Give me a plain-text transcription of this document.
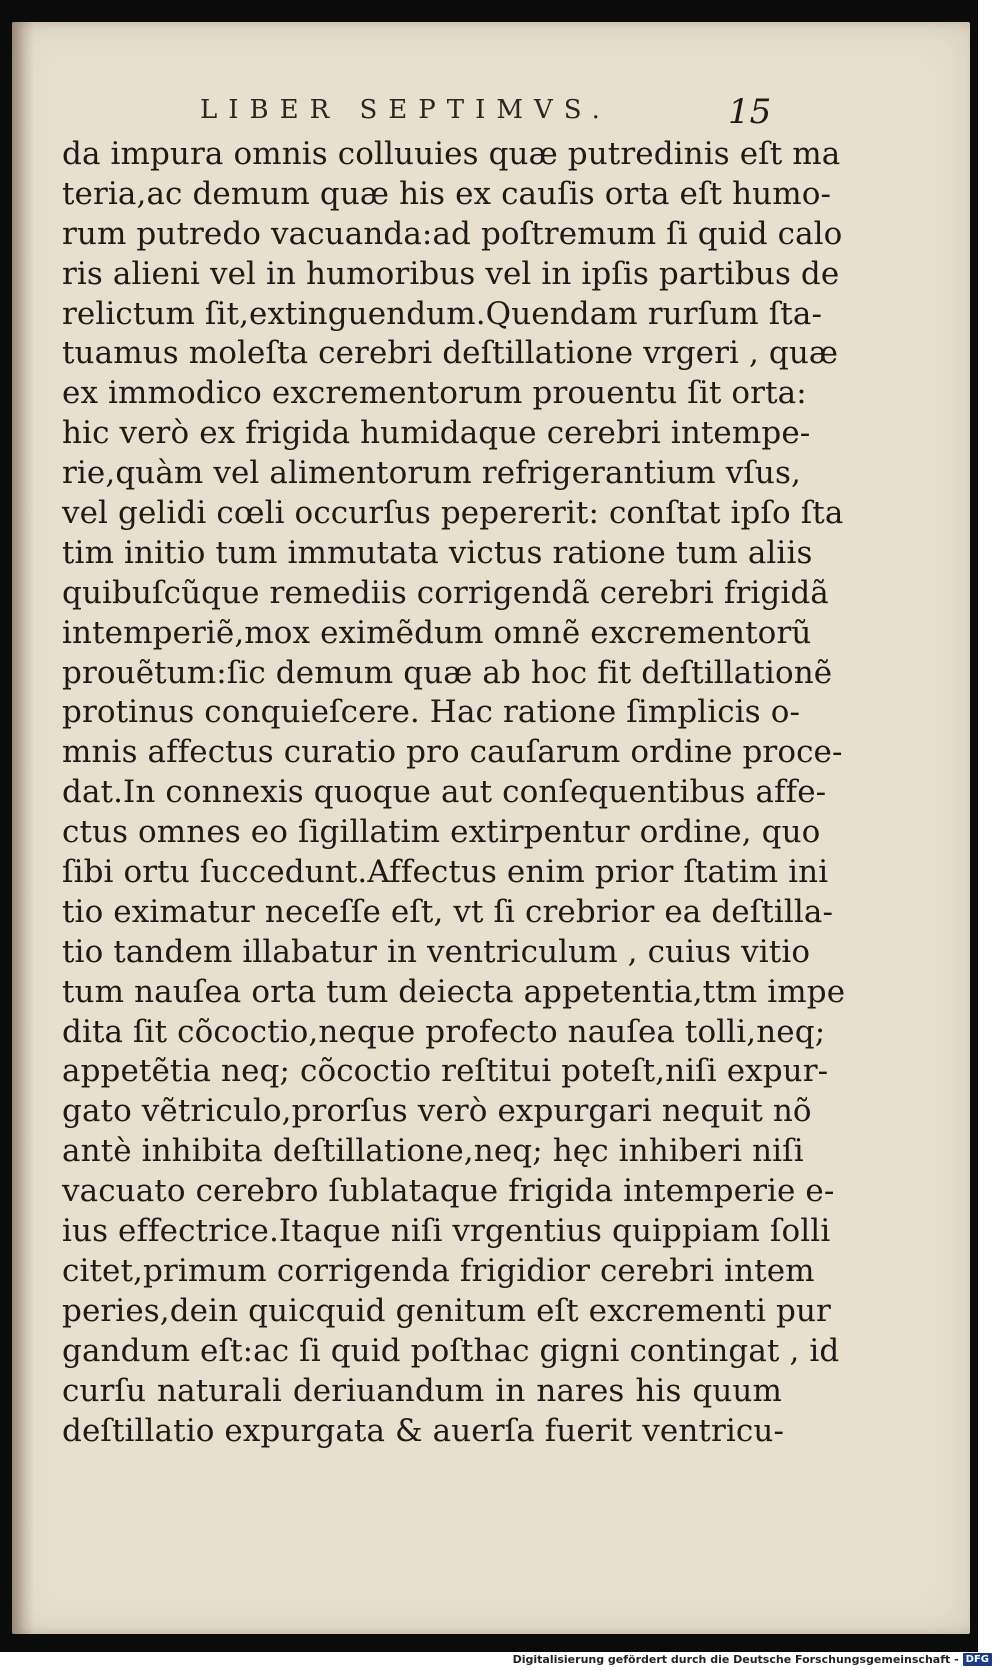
LIBER SEPTIMVS.	15
da impura omnis colluuies quæ putredinis eſt ma
teria,ac demum quæ his ex cauſis orta eſt humo-
rum putredo vacuanda:ad poſtremum ſi quid calo
ris alieni vel in humoribus vel in ipſis partibus de
relictum ſit,extinguendum.Quendam rurſum ſta-
tuamus moleſta cerebri deſtillatione vrgeri , quæ
ex immodico excrementorum prouentu ſit orta:
hic verò ex frigida humidaque cerebri intempe-
rie,quàm vel alimentorum refrigerantium vſus,
vel gelidi cœli occurſus pepererit: conſtat ipſo ſta
tim initio tum immutata victus ratione tum aliis
quibuſcũque remediis corrigendã cerebri frigidã
intemperiẽ,mox eximẽdum omnẽ excrementorũ
prouẽtum:ſic demum quæ ab hoc fit deſtillationẽ
protinus conquieſcere. Hac ratione ſimplicis o-
mnis affectus curatio pro cauſarum ordine proce-
dat.In connexis quoque aut conſequentibus affe-
ctus omnes eo ſigillatim extirpentur ordine, quo
ſibi ortu ſuccedunt.Affectus enim prior ſtatim ini
tio eximatur neceſſe eſt, vt ſi crebrior ea deſtilla-
tio tandem illabatur in ventriculum , cuius vitio
tum nauſea orta tum deiecta appetentia,ttm impe
dita ſit cõcoctio,neque profecto nauſea tolli,neq;
appetẽtia neq; cõcoctio reſtitui poteſt,niſi expur-
gato vẽtriculo,prorſus verò expurgari nequit nõ
antè inhibita deſtillatione,neq; hęc inhiberi niſi
vacuato cerebro ſublataque frigida intemperie e-
ius effectrice.Itaque niſi vrgentius quippiam ſolli
citet,primum corrigenda frigidior cerebri intem
peries,dein quicquid genitum eſt excrementi pur
gandum eſt:ac ſi quid poſthac gigni contingat , id
curſu naturali deriuandum in nares his quum
deſtillatio expurgata & auerſa fuerit ventricu-
Digitalisierung gefördert durch die Deutsche Forschungsgemeinschaft - DFG
